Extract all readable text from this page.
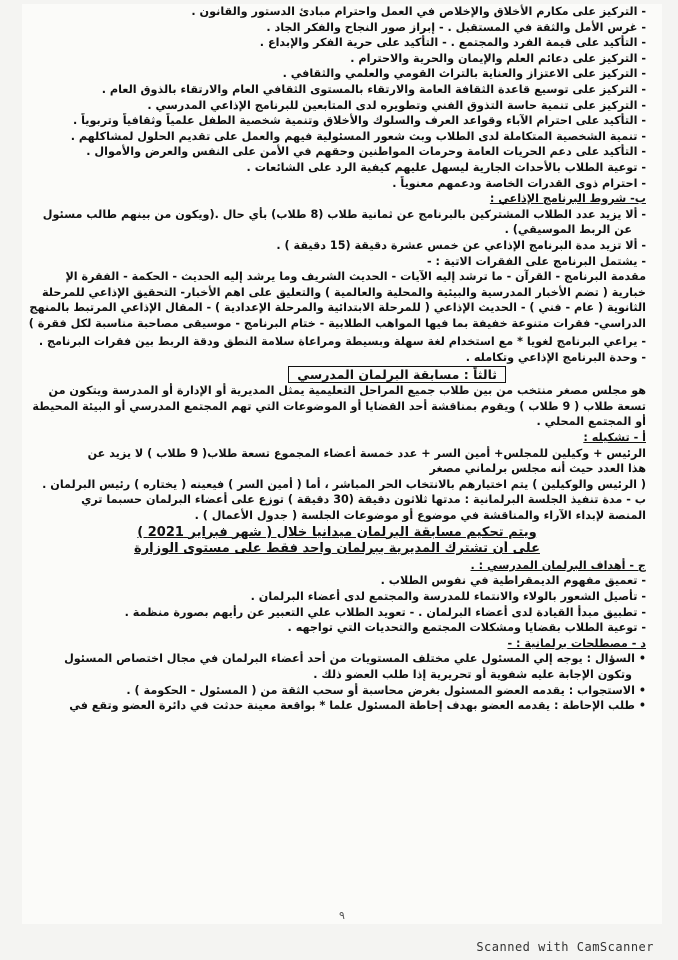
- التركيز على مكارم الأخلاق والإخلاص في العمل واحترام مبادئ الدستور والقانون .
- غرس الأمل والثقة في المستقبل . - إبراز صور النجاح والفكر الجاد .
- التأكيد على قيمة الفرد والمجتمع . - التأكيد على حرية الفكر والإبداع .
- التركيز على دعائم العلم والإيمان والحرية والاحترام .
- التركيز على الاعتزاز والعناية بالتراث القومي والعلمي والثقافي .
- التركيز على توسيع قاعدة الثقافة العامة والارتقاء بالمستوى الثقافي العام والارتقاء بالذوق العام .
- التركيز على تنمية حاسة التذوق الفني وتطويره لدى المتابعين للبرنامج الإذاعي المدرسي .
- التأكيد على احترام الآباء وقواعد العرف والسلوك والأخلاق وتنمية شخصية الطفل علمياً وثقافياً وتربوياً .
- تنمية الشخصية المتكاملة لدى الطلاب وبث شعور المسئولية فيهم والعمل على تقديم الحلول لمشاكلهم .
- التأكيد على دعم الحريات العامة وحرمات المواطنين وحقهم في الأمن على النفس والعرض والأموال .
- توعية الطلاب بالأحداث الجارية ليسهل عليهم كيفية الرد على الشائعات .
- احترام ذوى القدرات الخاصة ودعمهم معنوياً .
ب- شروط البرنامج الإذاعي :
- ألا يزيد عدد الطلاب المشتركين بالبرنامج عن ثمانية طلاب (8 طلاب) بأي حال .(ويكون من بينهم طالب مسئول
عن الربط الموسيقي) .
- ألا تزيد مدة البرنامج الإذاعي عن خمس عشرة دقيقة (15 دقيقة ) .
- يشتمل البرنامج على الفقرات الاتية : -
مقدمة البرنامج - القرآن - ما ترشد إليه الآيات - الحديث الشريف وما يرشد إليه الحديث - الحكمة - الفقرة الإ
خبارية ( تضم الأخبار المدرسية والبيئية والمحلية والعالمية ) والتعليق على اهم الأخبار- التحقيق الإذاعي للمرحلة
الثانوية ( عام - فني ) - الحديث الإذاعي ( للمرحلة الابتدائية والمرحلة الإعدادية ) - المقال الإذاعي المرتبط بالمنهج
الدراسي- فقرات متنوعة خفيفة بما فيها المواهب الطلابية - ختام البرنامج - موسيقى مصاحبة مناسبة لكل فقرة )
- يراعي البرنامج لغويا * مع استخدام لغة سهلة وبسيطة ومراعاة سلامة النطق ودقة الربط بين فقرات البرنامج .
- وحدة البرنامج الإذاعي وتكامله .
ثالثاً : مسابقة البرلمان المدرسي
هو مجلس مصغر منتخب من بين طلاب جميع المراحل التعليمية يمثل المديرية أو الإدارة أو المدرسة ويتكون من
تسعة طلاب ( 9 طلاب ) ويقوم بمناقشة أحد القضايا أو الموضوعات التي تهم المجتمع المدرسي أو البيئة المحيطة
أو المجتمع المحلي .
أ - تشكيله :
الرئيس + وكيلين للمجلس+ أمين السر + عدد خمسة أعضاء المجموع تسعة طلاب( 9 طلاب ) لا يزيد عن
هذا العدد حيث أنه مجلس برلماني مصغر
( الرئيس والوكيلين ) يتم اختيارهم بالانتخاب الحر المباشر ، أما ( أمين السر ) فيعينه ( يختاره ) رئيس البرلمان .
ب - مدة تنفيذ الجلسة البرلمانية : مدتها ثلاثون دقيقة (30 دقيقة ) توزع على أعضاء البرلمان حسبما تري
المنصة لإبداء الآراء والمناقشة في موضوع أو موضوعات الجلسة ( جدول الأعمال ) .
ويتم تحكيم مسابقة البرلمان ميدانيا خلال ( شهر فبراير 2021 )
على أن تشترك المديرية ببرلمان واحد فقط على مستوى الوزارة
ج - أهداف البرلمان المدرسي : .
- تعميق مفهوم الديمقراطية في نفوس الطلاب .
- تأصيل الشعور بالولاء والانتماء للمدرسة والمجتمع لدى أعضاء البرلمان .
- تطبيق مبدأ القيادة لدى أعضاء البرلمان . - تعويد الطلاب علي التعبير عن رأيهم بصورة منظمة .
- توعية الطلاب بقضايا ومشكلات المجتمع والتحديات التي تواجهه .
د - مصطلحات برلمانية : -
• السؤال : يوجه إلي المسئول علي مختلف المستويات من أحد أعضاء البرلمان في مجال اختصاص المسئول
وتكون الإجابة عليه شفوية أو تحريرية إذا طلب العضو ذلك .
• الاستجواب : يقدمه العضو المسئول بغرض محاسبة أو سحب الثقة من ( المسئول - الحكومة ) .
• طلب الإحاطة : يقدمه العضو بهدف إحاطة المسئول علما * بواقعة معينة حدثت في دائرة العضو وتقع في
٩
Scanned with CamScanner
